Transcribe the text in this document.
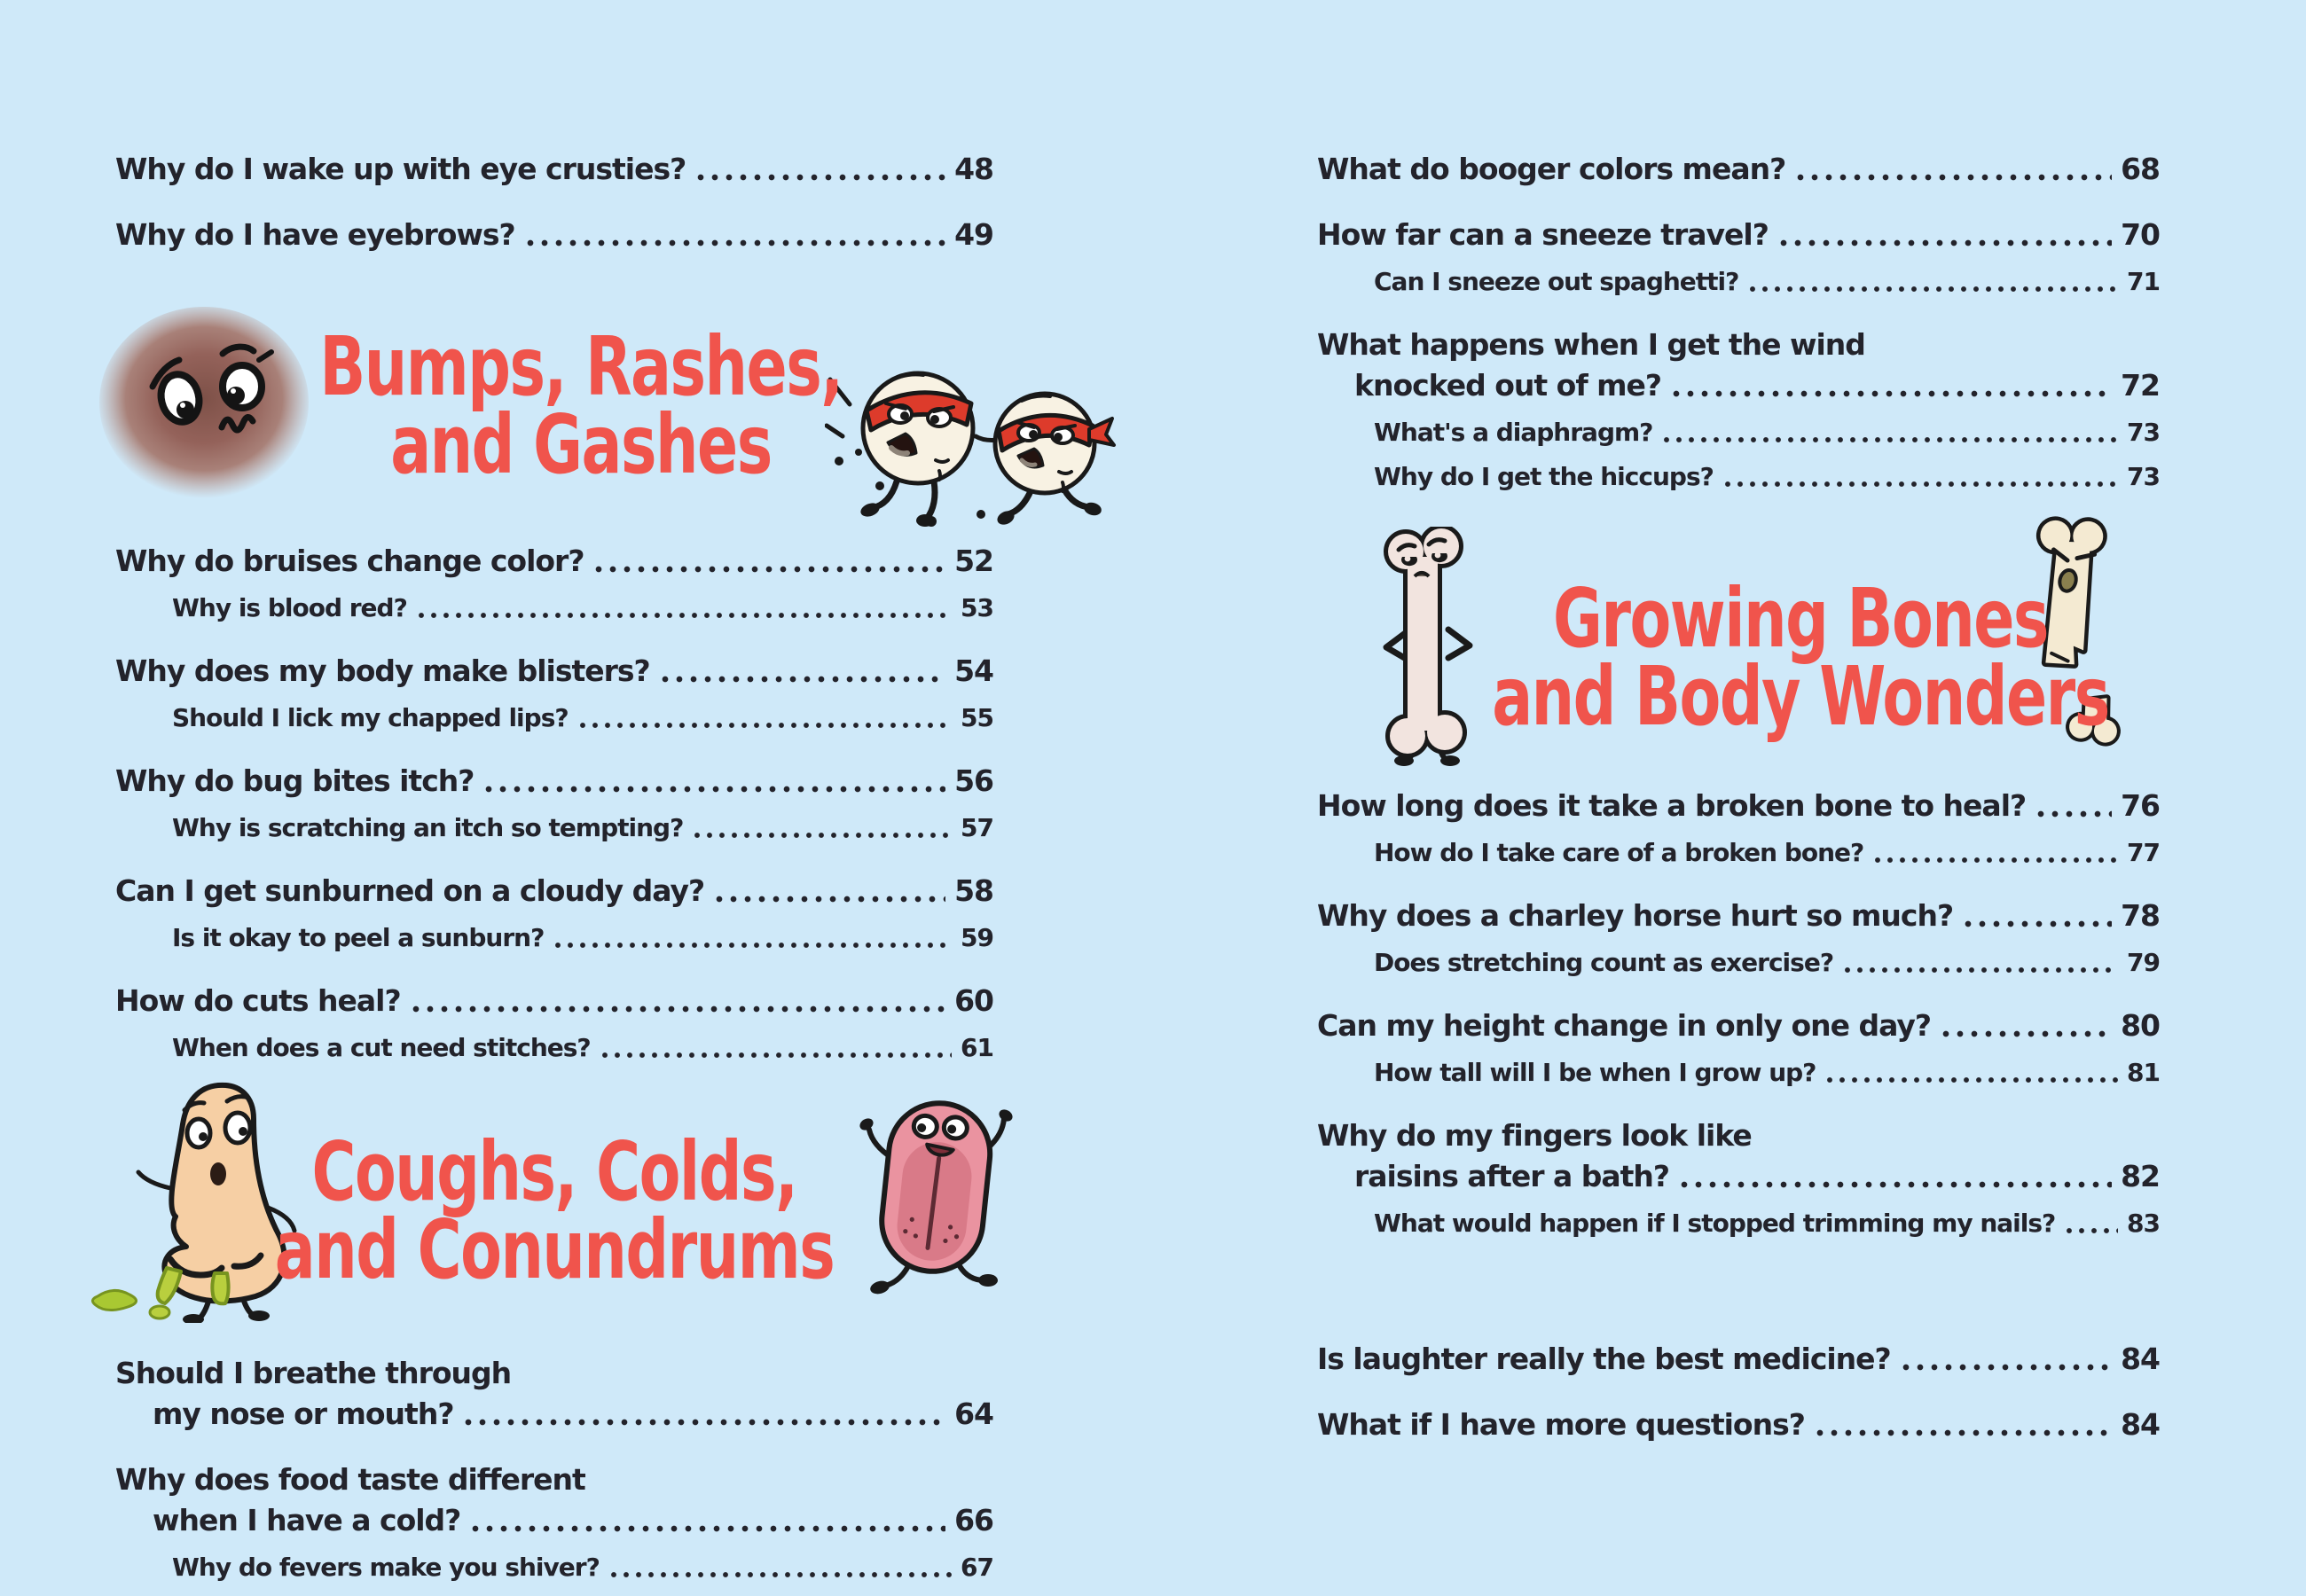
Why do I wake up with eye crusties?	48
Why do I have eyebrows?	49
Bumps, Rashes,
and Gashes
Why do bruises change color?	52
Why is blood red?	53
Why does my body make blisters?	54
Should I lick my chapped lips?	55
Why do bug bites itch?	56
Why is scratching an itch so tempting?	57
Can I get sunburned on a cloudy day?	58
Is it okay to peel a sunburn?	59
How do cuts heal?	60
When does a cut need stitches?	61
Coughs, Colds,
and Conundrums
Should I breathe through
my nose or mouth?	64
Why does food taste different
when I have a cold?	66
Why do fevers make you shiver?	67
What do booger colors mean?	68
How far can a sneeze travel?	70
Can I sneeze out spaghetti?	71
What happens when I get the wind
knocked out of me?	72
What's a diaphragm?	73
Why do I get the hiccups?	73
Growing Bones
and Body Wonders
How long does it take a broken bone to heal?	76
How do I take care of a broken bone?	77
Why does a charley horse hurt so much?	78
Does stretching count as exercise?	79
Can my height change in only one day?	80
How tall will I be when I grow up?	81
Why do my fingers look like
raisins after a bath?	82
What would happen if I stopped trimming my nails?	83
Is laughter really the best medicine?	84
What if I have more questions?	84
